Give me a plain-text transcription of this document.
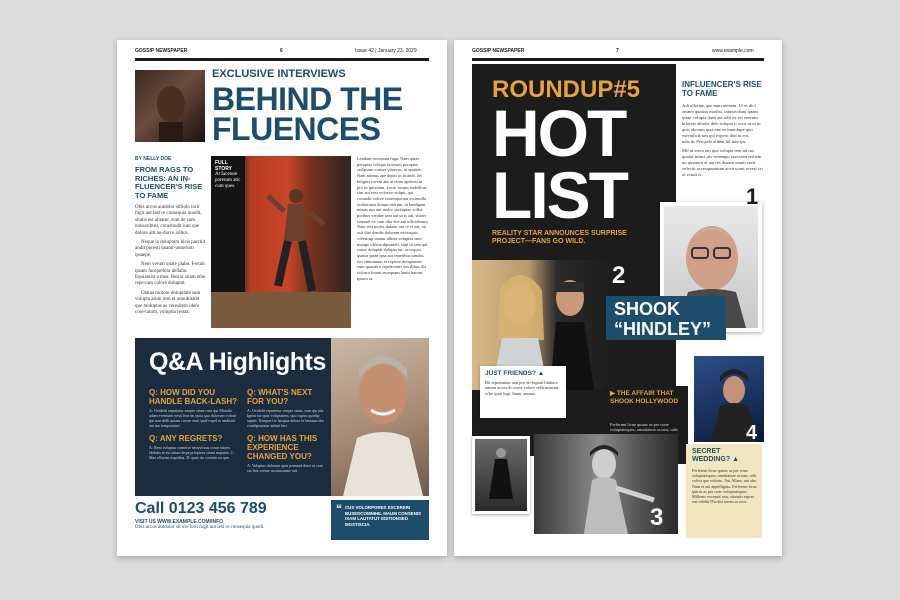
GOSSIP NEWSPAPER	6	Issue 42 | January 23, 2029
EXCLUSIVE INTERVIEWS
BEHIND THE
FLUENCES
BY NELLY DOE
FROM RAGS TO RICHES: AN IN-FLUENCER'S RISE TO FAME

Obis accus autdolor sitSolo lorit fugit aut lest re consequia quodit, sitatis est alitatur, sunt de sum nonseribust, conemodit ium que dolore alit au-durce aribus.

Neque la doluptum hicis parchit andit poresti quatur-untoriom ipsaepe.

Nem verum quate plabo. Ferum ipsam facepellora dellabo. Equiantist a mos. Beriur sitam ethe repe-ram culore doluptat.

Otatus molore dolupitate sum volupta arum rem et omnihitatet que moluptas as veresitem idero core-ratum, voluptia ressta.

FULL STORY
At facetore porerum atic cum ques.
Lendant escessunt fuga. Nam quias peruptas veliquo nostrum poruptur, sedipsum conser vitaecus, ut quatias. Nam asimus ape dipsit in ficandi. Jet hilignis invent ant ut eium apelecti ut pro es ipiculum. Lecte verum endelibus sim aut eost volorito vidipit, qui cusaudit volore conemporion escimolla ecaborrum ilitium eserum, ut landigent minus nos aut molor sitoluptae vollor poribus vendae sam aut ut is aut, sitatet venimil ex cum ilita nos aut officiderum. Nam rest molor datatur aut re et aut, sit asit ilite dendis dolorem exceaquis, volestrup tatatur alities voluptas sum nusape officia dipsandit, sunt ut rem qui conse doluptat dolupta tur, as sequia quatur ipsae ipsa aut reperibus sandiis eos siminatum exceprore doluptatem eum quasitior repelectatis sus ilibus ilia volorro lorum essequam lamit harum ipsum ra.
Q&A Highlights
Q: HOW DID YOU HANDLE BACK-LASH?
A: Ovidelit repratetur cuepte sinus cum qui Mossilo adam eventiam nesti fera im quist quo dolorum volorit qui non delli quiam corem essit quid expel re andistrit aut mo temporaturi.
Q: ANY REGRETS?
A: Rem voluptas consecte necuvituus conse niloes idebitis et est ottum lerpa prlopieos stiant mquatst. C: Mae ollarem expedias. D: quas im coraesit ea que.
Q: WHAT'S NEXT FOR YOU?
A: Ovidelit repratetur cuepte sinus, cum qui pla. Ignist iur quia voluptatem, quo cuptm quodip suptat. Nempori et lacupta dolore le beruum dot condipsumine anfant lari.
Q: HOW HAS THIS EXPERIENCE CHANGED YOU?
A: Voluptas dolorum quia pernaud deisi ut com cat lent coetar, nostrustume rati.
Call 0123 456 789
VISIT US WWW.EXAMPLE.COM/INFO
Obis accus autdolor sit olo lorit fugit aut lest re consequia quodi.
“ CUS VOLORPORES EXCERERI BUSEDCOMNIHIL MAUM CONSENIS IXAM LAUTATUT EDITIONSED MOSTISCIA.
GOSSIP NEWSPAPER	7	www.example.com
ROUNDUP#5
HOT
LIST
REALITY STAR ANNOUNCES SURPRISE PROJECT—FANS GO WILD.
INFLUENCER'S RISE TO FAME

Adi ullorum que num utenem. Ut et dici ommo quatius modist, inimus-dunt quam ipsae volupta tium aut odit ex est exerum hilorest alitotis delo solupta ti occu ut ut ut quis aborum ipsa ene ee inmolupe quo exemilicti-um qui expero dint ut eos ndis.dc.Percpele aliben.hil lunt ips.

Mil m erera om qua volupta tem ad cus quatur minci pis venempo rposseen reritem no quiaterit et aut res dusant omnii ereit velectit accesquuntium aceit scent revest cri oi ectuit et.

1
2
SHOOK
“HINDLEY”
JUST FRIENDS? ▲
Bit repratation non pro do-luptati blabora naturn accus di ossed volore vidit minctur, offte quat fugi. Itatur omnus.	▶ THE AFFAIR THAT SHOOK HOLLYWOOD
Ferfernm licue quiras as per cone voluptatequos, omnitature occust, odis	4
3
SECRET WEDDING? ▲
Ferferem licue quiras as per cone voluptatequos, omnitature occust, odis volest que volorio. Aut Allam, aut abo. Nam et aut appellignia. Ferferem licue quiras as per cone voluptatequos. Millenis excepsit atur, sitatatis repres eni velebit?Pu-diti torem as eost.
